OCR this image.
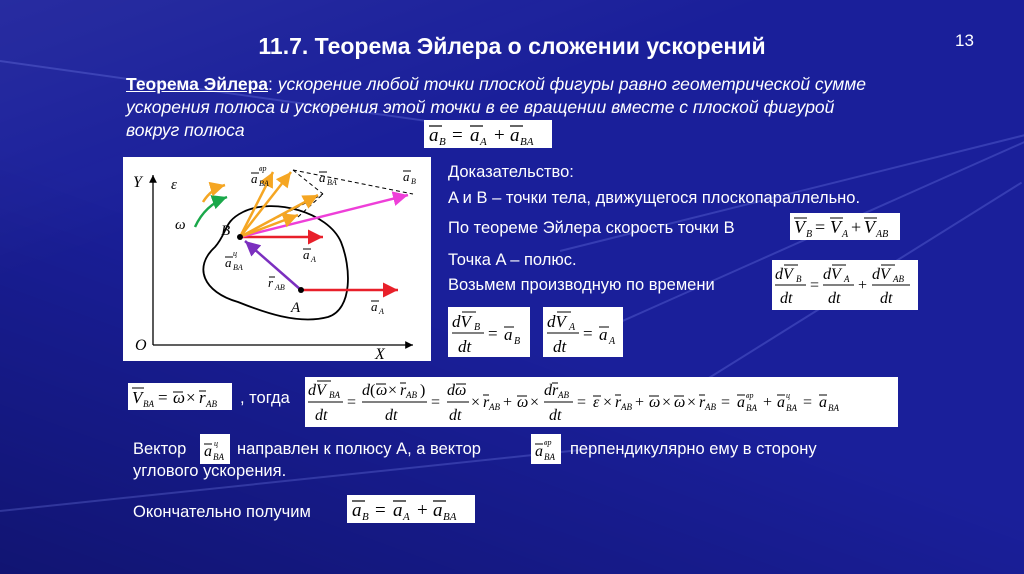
11.7. Теорема Эйлера о сложении ускорений	13
Теорема Эйлера: ускорение любой точки плоской фигуры равно геометрической сумме ускорения полюса и ускорения этой точки в ее вращении вместе с плоской фигурой вокруг полюса	a B = a A + a BA
Y
X
O
ε
ω B
A
a B
a BA
a BA
вр
a BA
ц	a A
a A
r AB
Доказательство:
A и B – точки тела, движущегося плоскопараллельно.
По теореме Эйлера скорость точки B
Точка A – полюс.
Возьмем производную по времени
V B = V A + V AB
dV B
dt
=
dV A
dt
+
dV AB
dt
dV B
dt
= a B
dV A
dt
= a A
V BA = ω × r AB , тогда dV BA
dt
=
d ( ω × r AB )
dt
=
dω
dt
× r AB + ω ×
dr AB
dt
= ε × r AB + ω × ω × r AB = a BA
вр + a BA
ц = a BA
Вектор a BA
ц направлен к полюсу A, а вектор	a BA
вр перпендикулярно ему в сторону
углового ускорения.
Окончательно получим a B = a A + a BA
